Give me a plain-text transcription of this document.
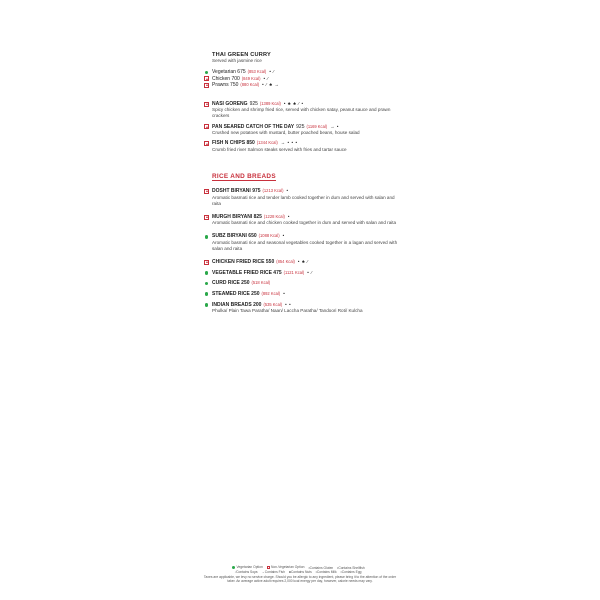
THAI GREEN CURRY
Served with jasmine rice
Vegetarian 675 (853 Kcal) • ∕
Chicken 700 (849 Kcal) • ∕
Prawns 750 (880 Kcal) • ∕ ♣ →
NASI GORENG 925 (1389 Kcal) • ♣ ♣ ∕ •
Spicy chicken and shrimp fried rice, served with chicken satay, peanut sauce and prawn crackers
PAN SEARED CATCH OF THE DAY 925 (1169 Kcal) → •
Crushed new potatoes with mustard, butter poached beans, house salad
FISH N CHIPS 850 (1344 Kcal) → • • •
Crumb fried river Salmon steaks served with fries and tartar sauce
RICE AND BREADS
DOSHT BIRYANI 975 (1213 Kcal) •
Aromatic basmati rice and tender lamb cooked together in dum and served with salan and raita
MURGH BIRYANI 825 (1228 Kcal) •
Aromatic basmati rice and chicken cooked together in dum and served with salan and raita
SUBZ BIRYANI 650 (1088 Kcal) •
Aromatic basmati rice and seasonal vegetables cooked together in a lagan and served with salan and raita
CHICKEN FRIED RICE 550 (854 Kcal) • ♣ ∕
VEGETABLE FRIED RICE 475 (1121 Kcal) • ∕
CURD RICE 250 (518 Kcal)
STEAMED RICE 250 (892 Kcal) •
INDIAN BREADS 200 (535 Kcal) • •
Phulka/ Plain Tawa Paratha/ Naan/ Laccha Paratha/ Tandoori Roti/ Kulcha
Vegetarian Option
Non-Vegetarian Option
• Contains Gluten
• Contains Shellfish
∕ Contains Soya
→ Contains Fish
♣ Contains Nuts
• Contains Milk
• Contains Egg
Taxes are applicable, we levy no service charge. Should you be allergic to any ingredient, please bring it to the attention of the order taker. An average active adult requires 2,000 kcal energy per day, however, calorie needs may vary.
